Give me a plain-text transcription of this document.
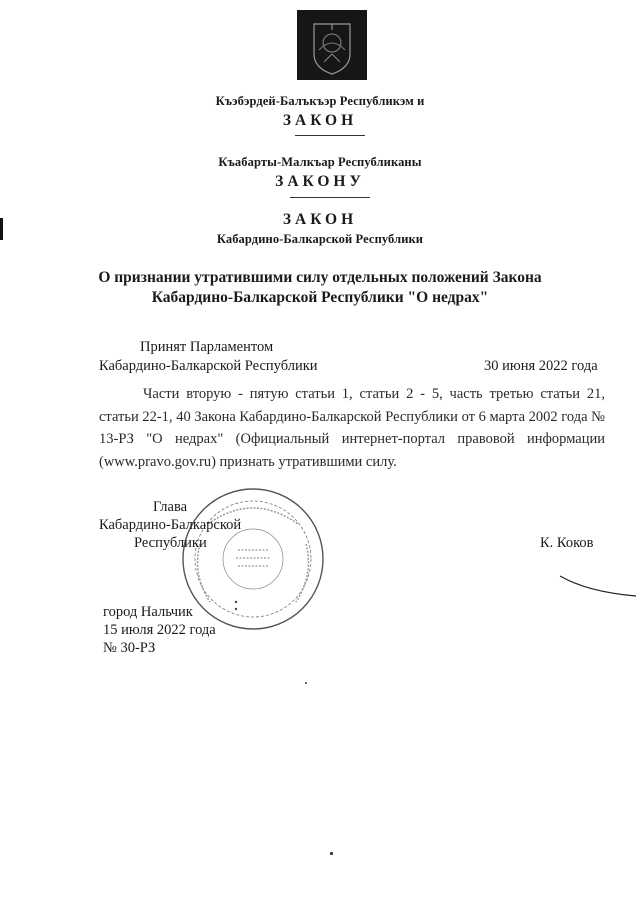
Къэбэрдей-Балъкъэр Республикэм и
ЗАКОН
Къабарты-Малкъар Республиканы
ЗАКОНУ
ЗАКОН
Кабардино-Балкарской Республики
О признании утратившими силу отдельных положений Закона
Кабардино-Балкарской Республики "О недрах"
Принят Парламентом
Кабардино-Балкарской Республики	30 июня 2022 года
Части вторую - пятую статьи 1, статьи 2 - 5, часть третью статьи 21, статьи 22-1, 40 Закона Кабардино-Балкарской Республики от 6 марта 2002 года № 13-РЗ "О недрах" (Официальный интернет-портал правовой информации (www.pravo.gov.ru) признать утратившими силу.
Глава
Кабардино-Балкарской
Республики	К. Коков
город Нальчик
15 июля 2022 года
№ 30-РЗ
